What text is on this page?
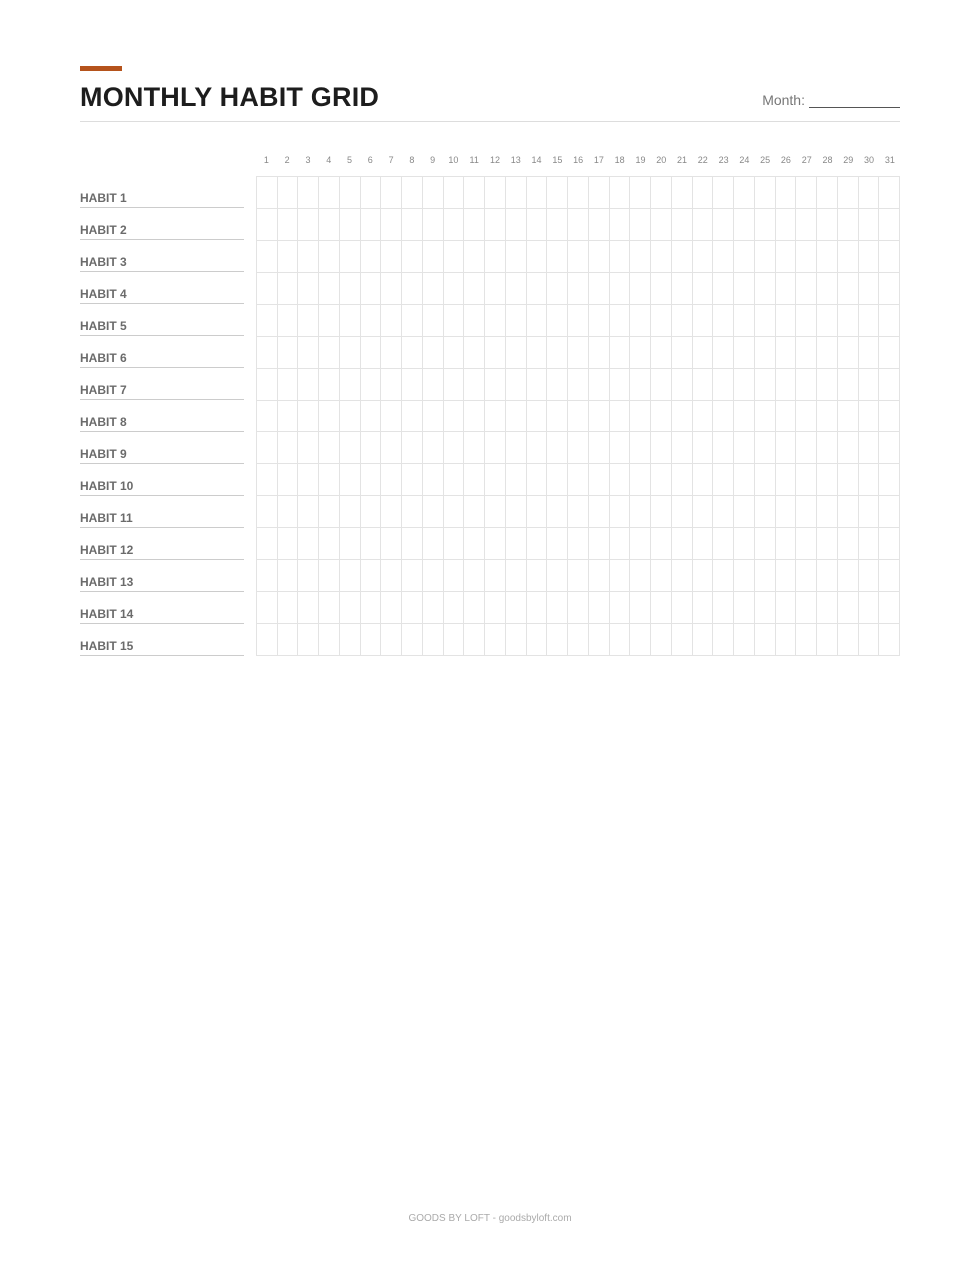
MONTHLY HABIT GRID	Month:
1	2	3	4	5	6	7	8	9	10	11	12	13	14	15	16	17	18	19	20	21	22	23	24	25	26	27	28	29	30	31
HABIT 1
HABIT 2
HABIT 3
HABIT 4
HABIT 5
HABIT 6
HABIT 7
HABIT 8
HABIT 9
HABIT 10
HABIT 11
HABIT 12
HABIT 13
HABIT 14
HABIT 15
GOODS BY LOFT - goodsbyloft.com
